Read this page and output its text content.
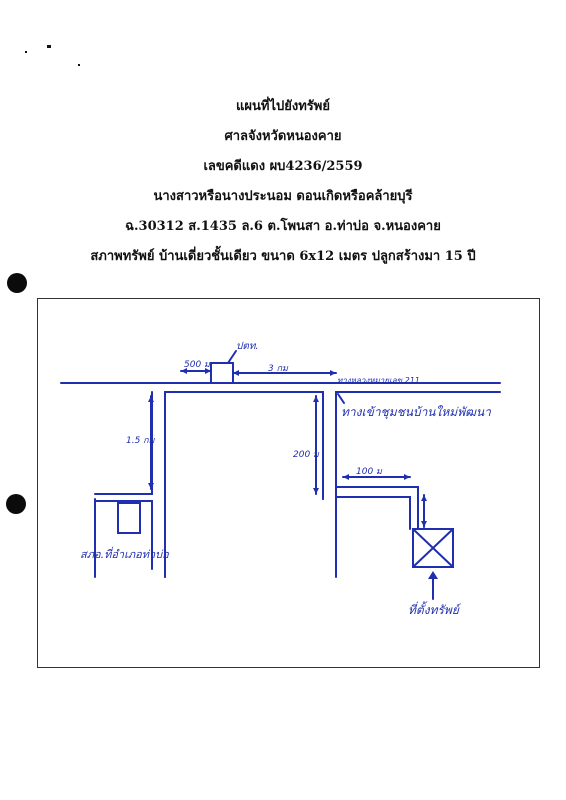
แผนที่ไปยังทรัพย์
ศาลจังหวัดหนองคาย
เลขคดีแดง ผบ4236/2559
นางสาวหรือนางประนอม ดอนเกิดหรือคล้ายบุรี
ฉ.30312 ส.1435 ล.6 ต.โพนสา อ.ท่าบ่อ จ.หนองคาย
สภาพทรัพย์ บ้านเดี่ยวชั้นเดียว ขนาด 6x12 เมตร ปลูกสร้างมา 15 ปี
ทางหลวงหมายเลข 211
ปตท.
500 ม	3 กม
1.5 กม
200 ม
100 ม
ทางเข้าชุมชนบ้านใหม่พัฒนา
สภอ.ที่อำเภอท่าบ่อ
ที่ตั้งทรัพย์
